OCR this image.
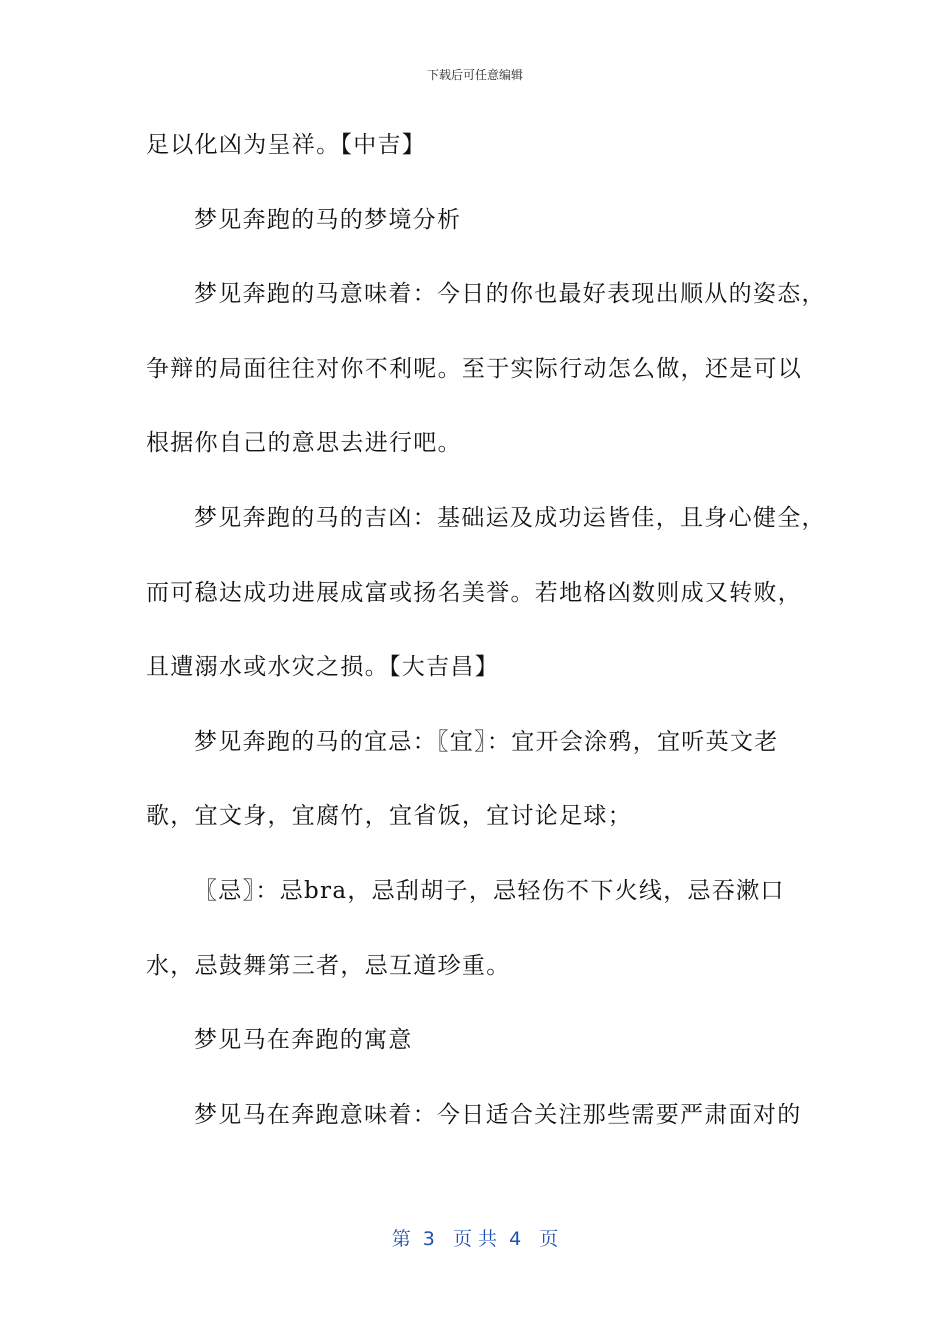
下载后可任意编辑
足以化凶为呈祥。【中吉】
梦见奔跑的马的梦境分析
梦见奔跑的马意味着：今日的你也最好表现出顺从的姿态，
争辩的局面往往对你不利呢。至于实际行动怎么做，还是可以
根据你自己的意思去进行吧。
梦见奔跑的马的吉凶：基础运及成功运皆佳，且身心健全，
而可稳达成功进展成富或扬名美誉。若地格凶数则成又转败，
且遭溺水或水灾之损。【大吉昌】
梦见奔跑的马的宜忌：〖宜〗：宜开会涂鸦，宜听英文老
歌，宜文身，宜腐竹，宜省饭，宜讨论足球；
〖忌〗：忌bra，忌刮胡子，忌轻伤不下火线，忌吞漱口
水，忌鼓舞第三者，忌互道珍重。
梦见马在奔跑的寓意
梦见马在奔跑意味着：今日适合关注那些需要严肃面对的
第  3   页 共  4   页
